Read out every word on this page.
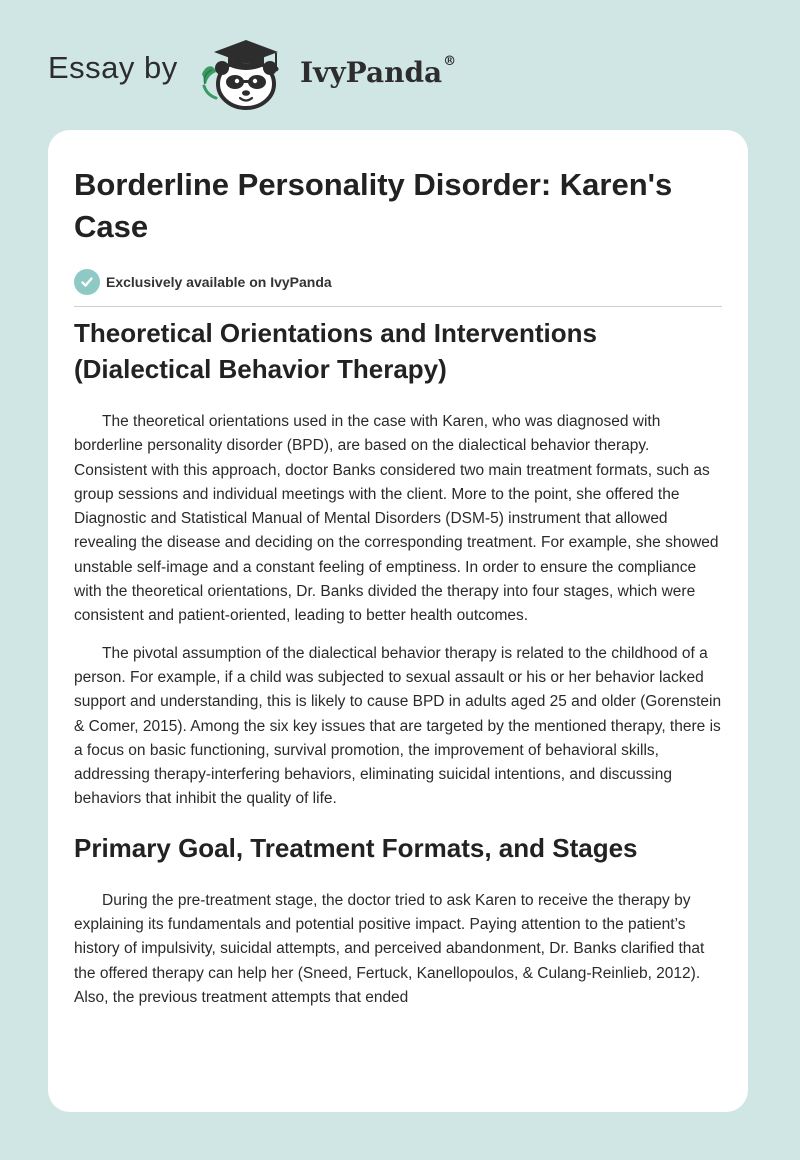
Essay by	IvyPanda®
Borderline Personality Disorder: Karen's Case
Exclusively available on IvyPanda
Theoretical Orientations and Interventions (Dialectical Behavior Therapy)

The theoretical orientations used in the case with Karen, who was diagnosed with borderline personality disorder (BPD), are based on the dialectical behavior therapy. Consistent with this approach, doctor Banks considered two main treatment formats, such as group sessions and individual meetings with the client. More to the point, she offered the Diagnostic and Statistical Manual of Mental Disorders (DSM-5) instrument that allowed revealing the disease and deciding on the corresponding treatment. For example, she showed unstable self-image and a constant feeling of emptiness. In order to ensure the compliance with the theoretical orientations, Dr. Banks divided the therapy into four stages, which were consistent and patient-oriented, leading to better health outcomes.

The pivotal assumption of the dialectical behavior therapy is related to the childhood of a person. For example, if a child was subjected to sexual assault or his or her behavior lacked support and understanding, this is likely to cause BPD in adults aged 25 and older (Gorenstein & Comer, 2015). Among the six key issues that are targeted by the mentioned therapy, there is a focus on basic functioning, survival promotion, the improvement of behavioral skills, addressing therapy-interfering behaviors, eliminating suicidal intentions, and discussing behaviors that inhibit the quality of life.

Primary Goal, Treatment Formats, and Stages

During the pre-treatment stage, the doctor tried to ask Karen to receive the therapy by explaining its fundamentals and potential positive impact. Paying attention to the patient’s history of impulsivity, suicidal attempts, and perceived abandonment, Dr. Banks clarified that the offered therapy can help her (Sneed, Fertuck, Kanellopoulos, & Culang-Reinlieb, 2012). Also, the previous treatment attempts that ended
